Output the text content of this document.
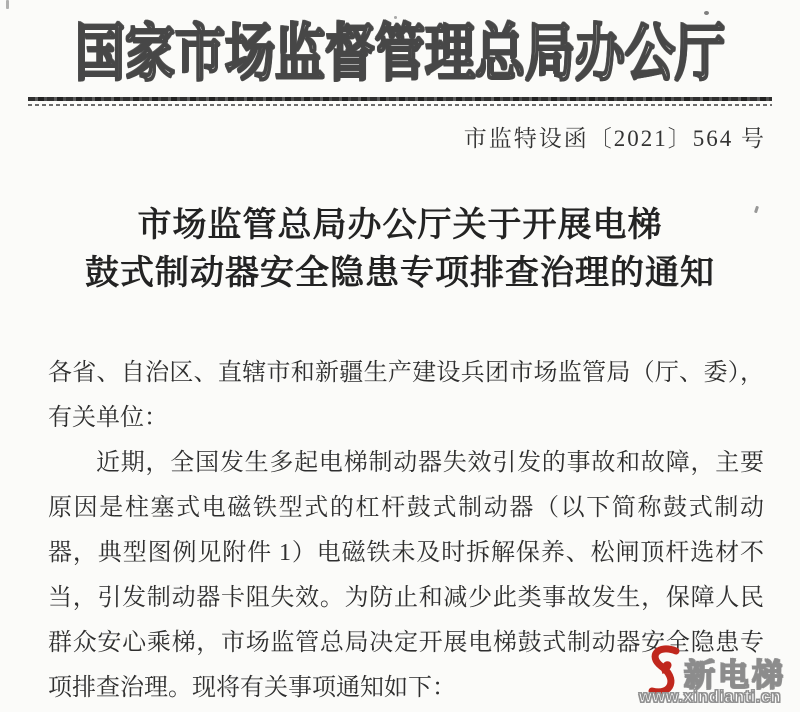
国家市场监督管理总局办公厅
市监特设函〔2021〕564 号
市场监管总局办公厅关于开展电梯
鼓式制动器安全隐患专项排查治理的通知
各省、自治区、直辖市和新疆生产建设兵团市场监管局（厅、委），
有关单位：
近期，全国发生多起电梯制动器失效引发的事故和故障，主要
原因是柱塞式电磁铁型式的杠杆鼓式制动器（以下简称鼓式制动
器，典型图例见附件 1）电磁铁未及时拆解保养、松闸顶杆选材不
当，引发制动器卡阻失效。为防止和减少此类事故发生，保障人民
群众安心乘梯，市场监管总局决定开展电梯鼓式制动器安全隐患专
项排查治理。现将有关事项通知如下：	新电梯
www.xindianti.cn
